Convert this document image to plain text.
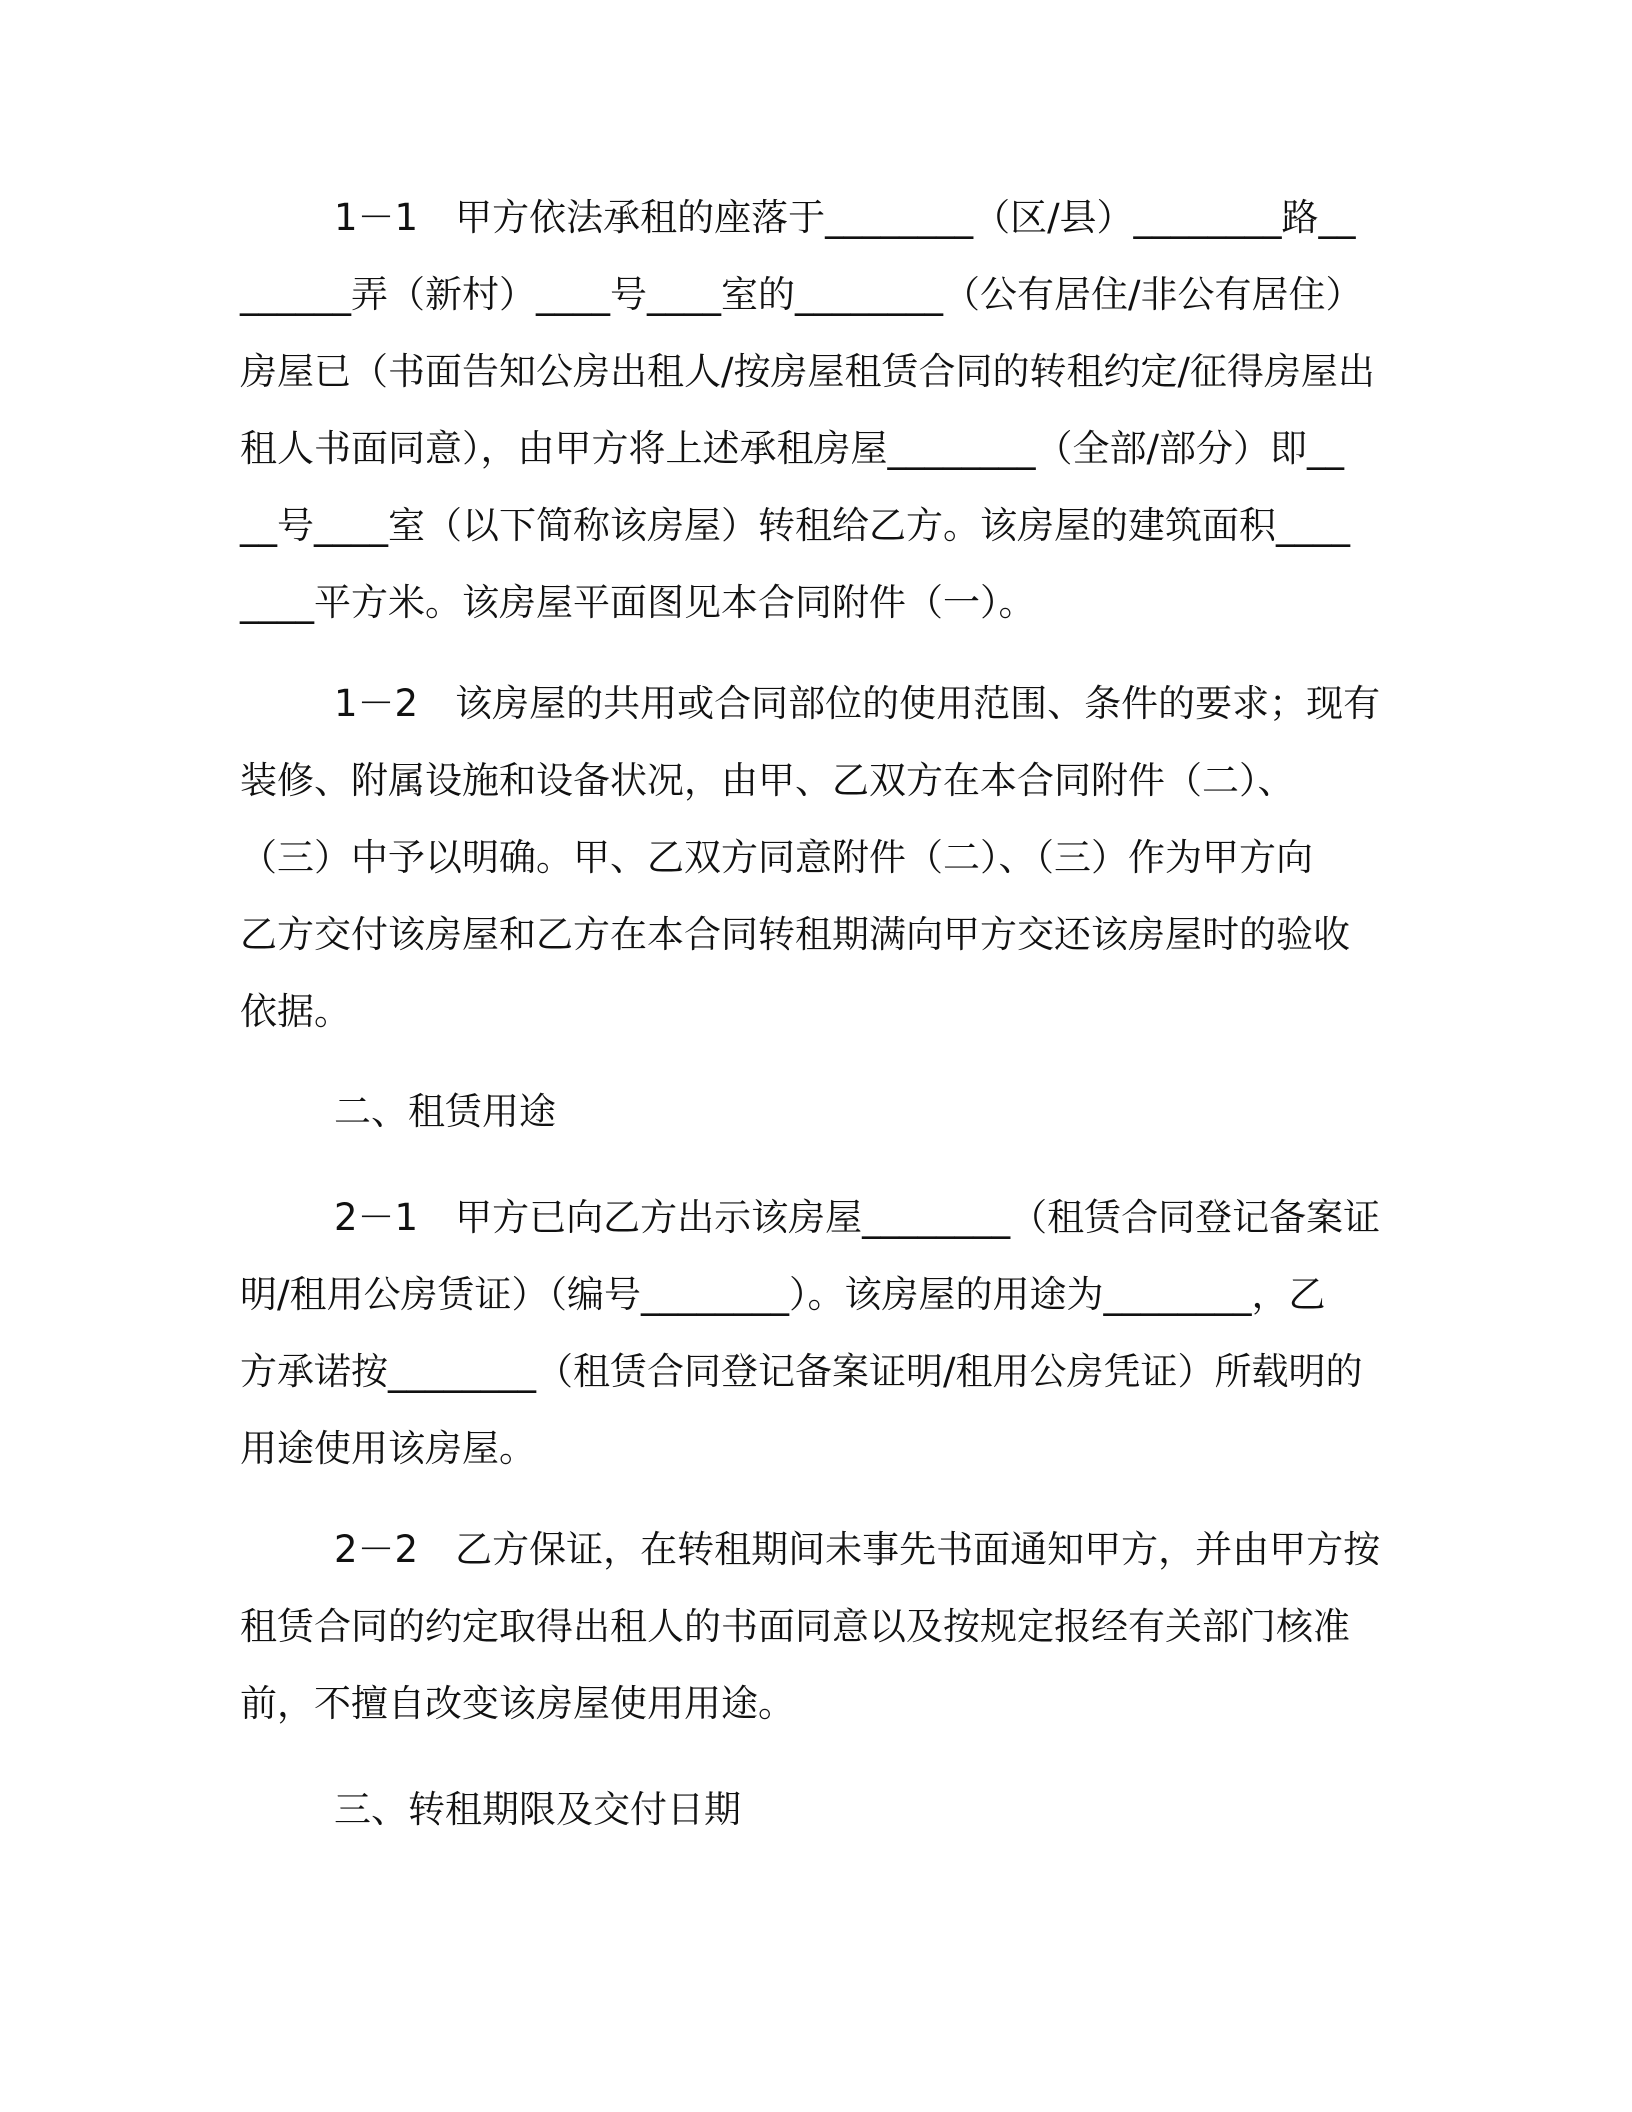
1－1　甲方依法承租的座落于________（区/县）________路__
______弄（新村）____号____室的________（公有居住/非公有居住）
房屋已（书面告知公房出租人/按房屋租赁合同的转租约定/征得房屋出
租人书面同意），由甲方将上述承租房屋________（全部/部分）即__
__号____室（以下简称该房屋）转租给乙方。该房屋的建筑面积____
____平方米。该房屋平面图见本合同附件（一）。
1－2　该房屋的共用或合同部位的使用范围、条件的要求；现有
装修、附属设施和设备状况，由甲、乙双方在本合同附件（二）、
（三）中予以明确。甲、乙双方同意附件（二）、（三）作为甲方向
乙方交付该房屋和乙方在本合同转租期满向甲方交还该房屋时的验收
依据。
二、租赁用途
2－1　甲方已向乙方出示该房屋________（租赁合同登记备案证
明/租用公房赁证）（编号________）。该房屋的用途为________，乙
方承诺按________（租赁合同登记备案证明/租用公房凭证）所载明的
用途使用该房屋。
2－2　乙方保证，在转租期间未事先书面通知甲方，并由甲方按
租赁合同的约定取得出租人的书面同意以及按规定报经有关部门核准
前，不擅自改变该房屋使用用途。
三、转租期限及交付日期
